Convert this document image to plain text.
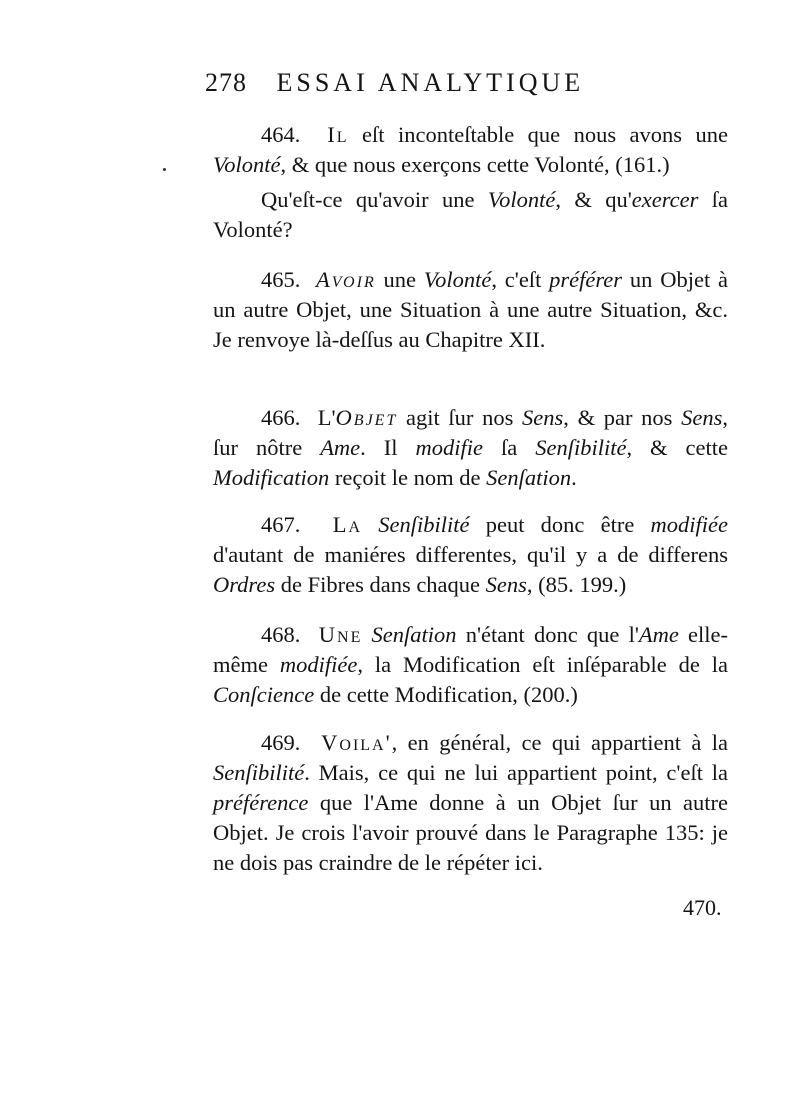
278 ESSAI ANALYTIQUE

464. Il eſt inconteſtable que nous avons une Volonté, & que nous exerçons cette Volonté, (161.)

Qu'eſt-ce qu'avoir une Volonté, & qu'exercer ſa Volonté?

465. Avoir une Volonté, c'eſt préférer un Objet à un autre Objet, une Situation à une autre Situation, &c. Je renvoye là-deſſus au Chapitre XII.

466. L'Objet agit ſur nos Sens, & par nos Sens, ſur nôtre Ame. Il modifie ſa Senſibilité, & cette Modification reçoit le nom de Senſation.

467. La Senſibilité peut donc être modifiée d'autant de maniéres differentes, qu'il y a de differens Ordres de Fibres dans chaque Sens, (85. 199.)

468. Une Senſation n'étant donc que l'Ame elle-même modifiée, la Modification eſt inſéparable de la Conſcience de cette Modification, (200.)

469. Voila', en général, ce qui appartient à la Senſibilité. Mais, ce qui ne lui appartient point, c'eſt la préférence que l'Ame donne à un Objet ſur un autre Objet. Je crois l'avoir prouvé dans le Paragraphe 135: je ne dois pas craindre de le répéter ici.

470.
